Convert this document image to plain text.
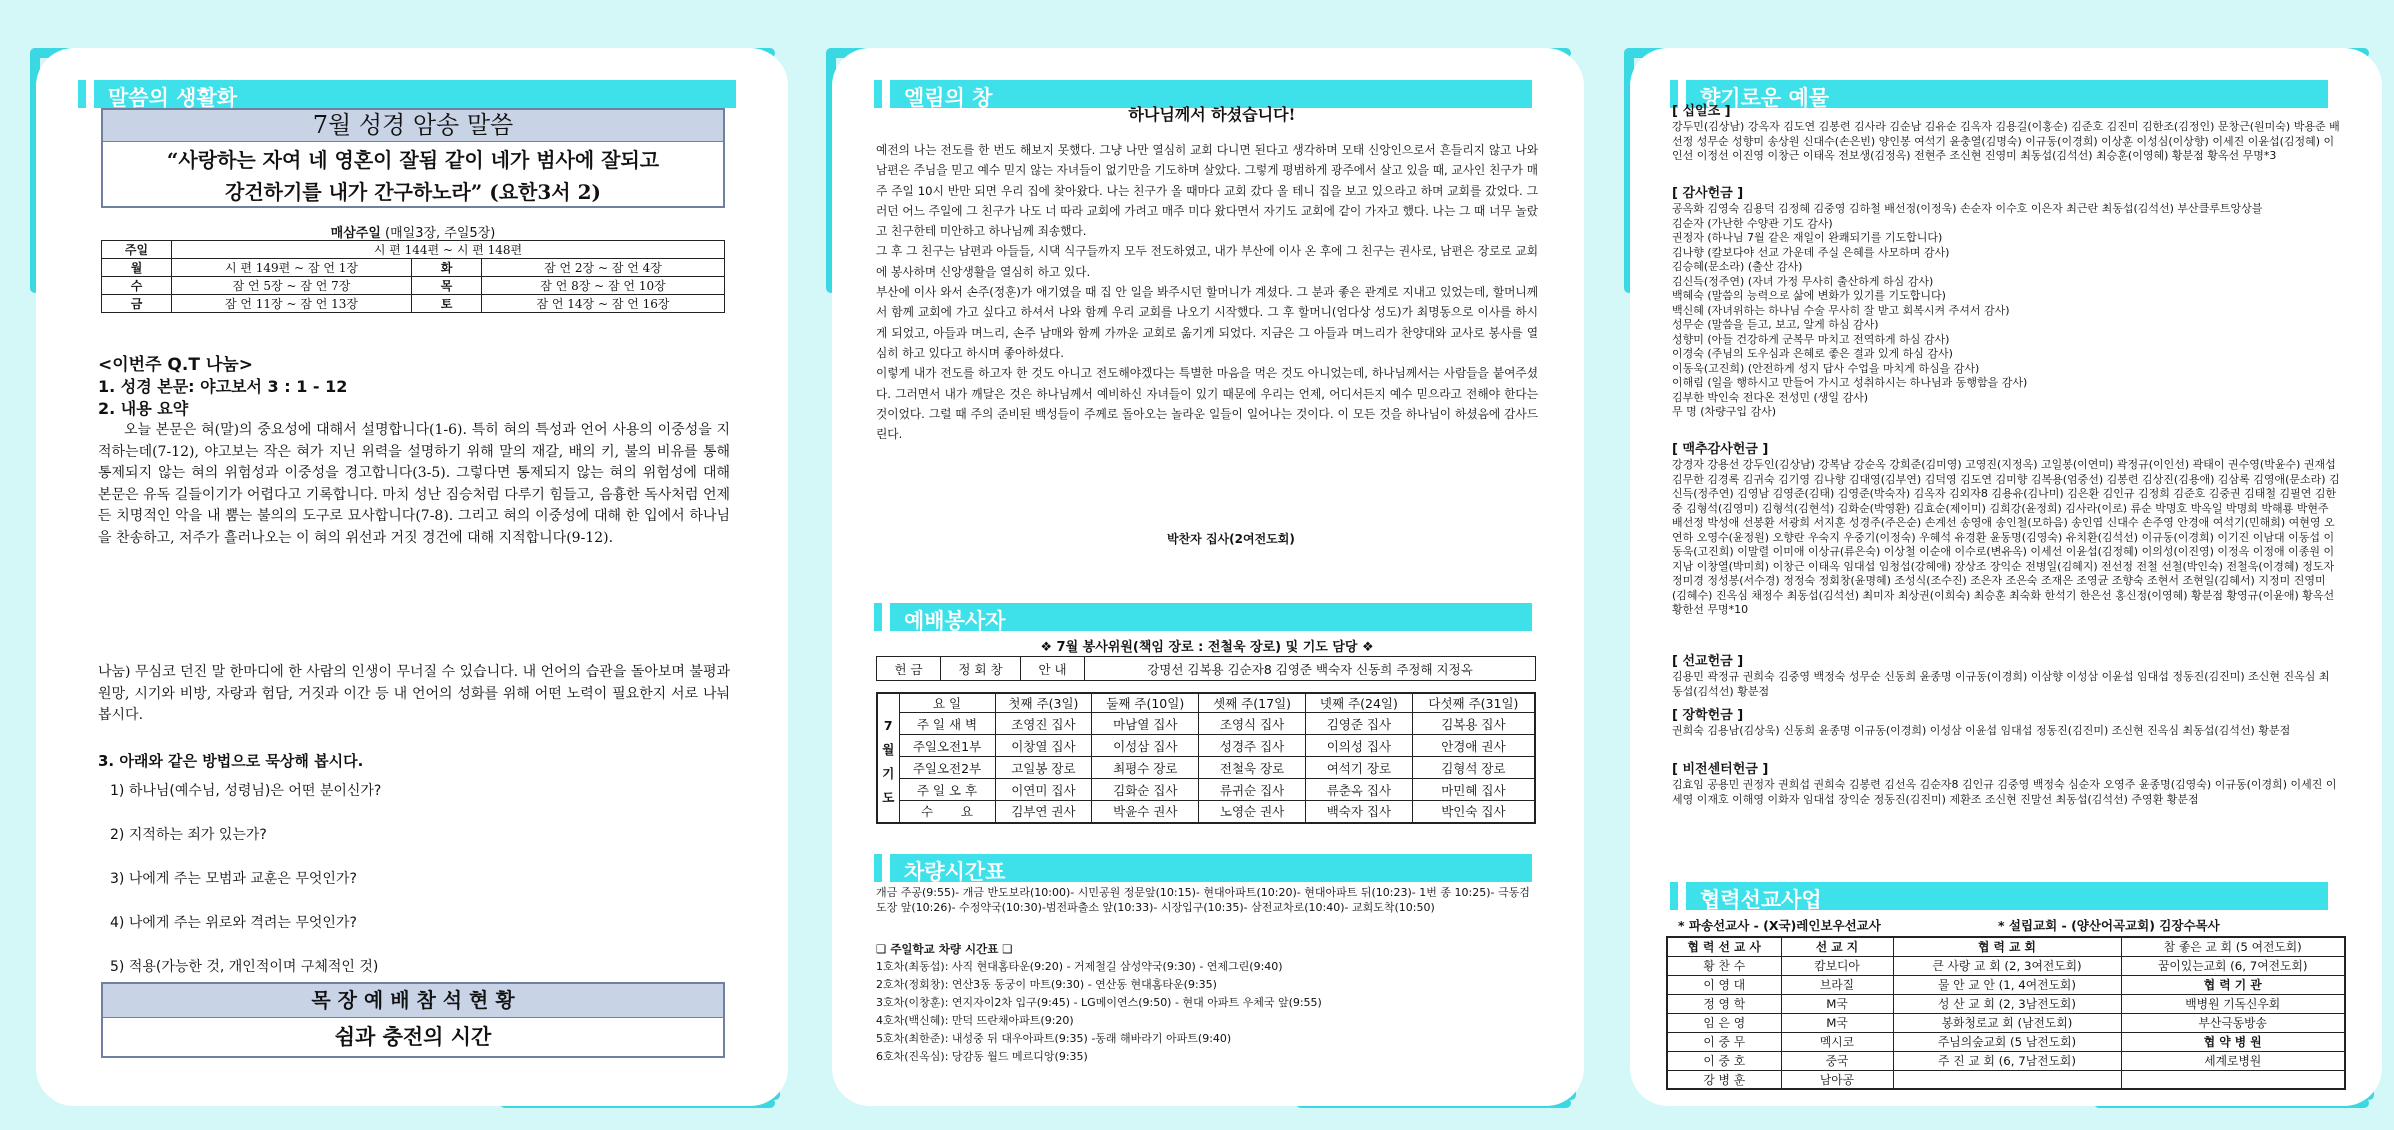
말씀의 생활화
7월 성경 암송 말씀
“사랑하는 자여 네 영혼이 잘됨 같이 네가 범사에 잘되고
강건하기를 내가 간구하노라” (요한3서 2)
매삼주일 (매일3장, 주일5장)
주일	시 편 144편 ~ 시 편 148편		
월	시 편 149편 ~ 잠 언 1장	화	잠 언 2장 ~ 잠 언 4장
수	잠 언 5장 ~ 잠 언 7장	목	잠 언 8장 ~ 잠 언 10장
금	잠 언 11장 ~ 잠 언 13장	토	잠 언 14장 ~ 잠 언 16장
<이번주 Q.T 나눔>
1. 성경 본문: 야고보서 3 : 1 - 12
2. 내용 요약
오늘 본문은 혀(말)의 중요성에 대해서 설명합니다(1-6). 특히 혀의 특성과 언어 사용의 이중성을 지적하는데(7-12), 야고보는 작은 혀가 지닌 위력을 설명하기 위해 말의 재갈, 배의 키, 불의 비유를 통해 통제되지 않는 혀의 위험성과 이중성을 경고합니다(3-5). 그렇다면 통제되지 않는 혀의 위험성에 대해 본문은 유독 길들이기가 어렵다고 기록합니다. 마치 성난 짐승처럼 다루기 힘들고, 음흉한 독사처럼 언제든 치명적인 악을 내 뿜는 불의의 도구로 묘사합니다(7-8). 그리고 혀의 이중성에 대해 한 입에서 하나님을 찬송하고, 저주가 흘러나오는 이 혀의 위선과 거짓 경건에 대해 지적합니다(9-12).
나눔) 무심코 던진 말 한마디에 한 사람의 인생이 무너질 수 있습니다. 내 언어의 습관을 돌아보며 불평과 원망, 시기와 비방, 자랑과 험담, 거짓과 이간 등 내 언어의 성화를 위해 어떤 노력이 필요한지 서로 나눠봅시다.
3. 아래와 같은 방법으로 묵상해 봅시다.
1) 하나님(예수님, 성령님)은 어떤 분이신가?
2) 지적하는 죄가 있는가?
3) 나에게 주는 모범과 교훈은 무엇인가?
4) 나에게 주는 위로와 격려는 무엇인가?
5) 적용(가능한 것, 개인적이며 구체적인 것)
목 장 예 배 참 석 현 황
쉼과 충전의 시간
엘림의 창
하나님께서 하셨습니다!
예전의 나는 전도를 한 번도 해보지 못했다. 그냥 나만 열심히 교회 다니면 된다고 생각하며 모태 신앙인으로서 흔들리지 않고 나와 남편은 주님을 믿고 예수 믿지 않는 자녀들이 없기만을 기도하며 살았다. 그렇게 평범하게 광주에서 살고 있을 때, 교사인 친구가 매주 주일 10시 반만 되면 우리 집에 찾아왔다. 나는 친구가 올 때마다 교회 갔다 올 테니 집을 보고 있으라고 하며 교회를 갔었다. 그러던 어느 주일에 그 친구가 나도 너 따라 교회에 가려고 매주 미다 왔다면서 자기도 교회에 같이 가자고 했다. 나는 그 때 너무 놀랐고 친구한테 미안하고 하나님께 죄송했다.
그 후 그 친구는 남편과 아들들, 시댁 식구들까지 모두 전도하였고, 내가 부산에 이사 온 후에 그 친구는 권사로, 남편은 장로로 교회에 봉사하며 신앙생활을 열심히 하고 있다.
부산에 이사 와서 손주(정훈)가 애기였을 때 집 안 일을 봐주시던 할머니가 계셨다. 그 분과 좋은 관계로 지내고 있었는데, 할머니께서 함께 교회에 가고 싶다고 하셔서 나와 함께 우리 교회를 나오기 시작했다. 그 후 할머니(엄다상 성도)가 최명동으로 이사를 하시게 되었고, 아들과 며느리, 손주 남매와 함께 가까운 교회로 옮기게 되었다. 지금은 그 아들과 며느리가 찬양대와 교사로 봉사를 열심히 하고 있다고 하시며 좋아하셨다.
이렇게 내가 전도를 하고자 한 것도 아니고 전도해야겠다는 특별한 마음을 먹은 것도 아니었는데, 하나님께서는 사람들을 붙여주셨다. 그러면서 내가 깨달은 것은 하나님께서 예비하신 자녀들이 있기 때문에 우리는 언제, 어디서든지 예수 믿으라고 전해야 한다는 것이었다. 그럴 때 주의 준비된 백성들이 주께로 돌아오는 놀라운 일들이 일어나는 것이다. 이 모든 것을 하나님이 하셨음에 감사드린다.
박찬자 집사(2여전도회)
예배봉사자
❖ 7월 봉사위원(책임 장로 : 전철욱 장로) 및 기도 담당 ❖
헌 금	정 회 창	안 내	강명선 김복용 김순자8 김영준 백숙자 신동희 주정해 지정옥
7
월
기
도	요 일	첫째 주(3일)	둘째 주(10일)	셋째 주(17일)	넷째 주(24일)	다섯째 주(31일)
	주 일 새 벽	조영진 집사	마남열 집사	조영식 집사	김영준 집사	김복용 집사
	주일오전1부	이창열 집사	이성삼 집사	성경주 집사	이의성 집사	안경애 권사
	주일오전2부	고일봉 장로	최평수 장로	전철욱 장로	여석기 장로	김형석 장로
	주 일 오 후	이연미 집사	김화순 집사	류귀순 집사	류춘옥 집사	마민혜 집사
	수       요	김부연 권사	박윤수 권사	노영순 권사	백숙자 집사	박인숙 집사
차량시간표
개금 주공(9:55)- 개금 반도보라(10:00)- 시민공원 정문앞(10:15)- 현대아파트(10:20)- 현대아파트 뒤(10:23)- 1번 종 10:25)- 극동검도장 앞(10:26)- 수정약국(10:30)-범전파출소 앞(10:33)- 시장입구(10:35)- 삼전교차로(10:40)- 교회도착(10:50)
❑ 주일학교 차량 시간표 ❑
1호차(최동섭): 사직 현대홈타운(9:20) - 거제철길 삼성약국(9:30) - 연제그린(9:40)
2호차(정회창): 연산3동 동궁이 마트(9:30) - 연산동 현대홈타운(9:35)
3호차(이창훈): 연지자이2차 입구(9:45) - LG메이연스(9:50) - 현대 아파트 우체국 앞(9:55)
4호차(백신혜): 만덕 뜨란채아파트(9:20)
5호차(최한준): 내성중 뒤 대우아파트(9:35) -동래 해바라기 아파트(9:40)
6호차(진옥심): 당감동 월드 메르디앙(9:35)
향기로운 예물
[ 십일조 ]
강두민(김상남) 강옥자 김도연 김봉련 김사라 김순남 김유순 김옥자 김용길(이홍순) 김준호 김진미 김한조(김정인) 문창근(원미숙) 박용준 배선정 성무순 성향미 송상원 신대수(손은빈) 양인봉 여석기 윤충열(김명숙) 이규동(이경희) 이상훈 이성심(이상향) 이세진 이윤섭(김정혜) 이인선 이정선 이진영 이창근 이태옥 전보생(김정옥) 전현주 조신현 진영미 최동섭(김석선) 최승훈(이영혜) 황분점 황옥선 무명*3
[ 감사헌금 ]
공옥화 김영숙 김용덕 김정혜 김중영 김하철 배선정(이정욱) 손순자 이수호 이은자 최근란 최동섭(김석선) 부산클루트앙상블
김순자 (가난한 수양관 기도 감사)
권정자 (하나님 7월 같은 재일이 완쾌되기를 기도합니다)
김나향 (칼보다야 선교 가운데 주실 은혜를 사모하며 감사)
김승혜(문소라) (출산 감사)
김신득(정주연) (자녀 가정 무사히 출산하게 하심 감사)
백혜숙 (말씀의 능력으로 삶에 변화가 있기를 기도합니다)
백신혜 (자녀위하는 하나님 수술 무사히 잘 받고 회복시켜 주셔서 감사)
성무순 (말씀을 듣고, 보고, 알게 하심 감사)
성향미 (아들 건강하게 군복무 마치고 전역하게 하심 감사)
이경숙 (주님의 도우심과 은혜로 좋은 결과 있게 하심 감사)
이동욱(고진희) (안전하게 성지 답사 수업을 마치게 하심을 감사)
이해림 (일을 행하시고 만들어 가시고 성취하시는 하나님과 동행함을 감사)
김부한 박인숙 전다온 전성민 (생일 감사)
무 명 (차량구입 감사)
[ 맥추감사헌금 ]
강경자 강용선 강두인(김상남) 강복남 강순옥 강희준(김미영) 고영진(지정옥) 고일봉(이연미) 곽정규(이인선) 곽태이 권수영(박윤수) 권재섭 김무한 김경록 김귀숙 김기영 김나향 김대영(김부연) 김덕영 김도연 김미향 김복용(엄중선) 김봉련 김상진(김용애) 김삼록 김영애(문소라) 김신득(정주연) 김영남 김영준(김태) 김영준(박숙자) 김옥자 김외자8 김용유(김나미) 김은환 김인규 김정희 김준호 김중권 김태철 김필연 김한중 김형석(김영미) 김형석(김현석) 김화순(박영환) 김효순(제이미) 김희강(윤정희) 김사라(이로) 류순 박명호 박옥일 박명희 박해룡 박현주 배선정 박성애 선봉환 서광희 서지훈 성경주(주은순) 손계선 송영애 송인철(모하음) 송인엽 신대수 손주영 안경애 여석기(민해희) 여현영 오연하 오영수(윤정원) 오향란 우숙지 우중기(이정숙) 우혜석 유경환 윤동명(김영숙) 유치환(김석선) 이규동(이경희) 이기진 이남대 이동섭 이동욱(고진희) 이말렬 이미애 이상규(류은숙) 이상철 이순애 이수로(변유옥) 이세선 이윤섭(김정혜) 이의성(이진영) 이정옥 이정애 이종원 이지남 이창열(박미희) 이창근 이태옥 임대섭 임청섭(강혜애) 장상조 장익순 전병일(김혜지) 전선정 전철 선철(박인숙) 전철욱(이경혜) 정도자 정미경 정성봉(서수경) 정정숙 정회창(윤명혜) 조성식(조수진) 조은자 조은숙 조재은 조영균 조향숙 조현서 조현일(김혜서) 지정미 진영미(김혜수) 진옥심 채정수 최동섭(김석선) 최미자 최상권(이희숙) 최승훈 최숙화 한석기 한은선 홍신정(이영혜) 황분점 황영규(이윤애) 황옥선 황한선 무명*10
[ 선교헌금 ]
김용민 곽정규 권희숙 김중영 백정숙 성무순 신동희 윤종명 이규동(이경희) 이삼향 이성삼 이윤섭 임대섭 정동진(김진미) 조신현 진옥심 최동섭(김석선) 황분점
[ 장학헌금 ]
권희숙 김용남(김상욱) 신동희 윤종명 이규동(이경희) 이성삼 이윤섭 임대섭 정동진(김진미) 조신현 진옥심 최동섭(김석선) 황분점
[ 비전센터헌금 ]
김효임 공용민 권정자 권희섭 권희숙 김봉련 김선옥 김순자8 김인규 김중영 백정숙 심순자 오영주 윤종명(김영숙) 이규동(이경희) 이세진 이세영 이재호 이해영 이화자 임대섭 장익순 정동진(김진미) 제환조 조신현 진말선 최동섭(김석선) 주영환 황분점
협력선교사업
* 파송선교사 - (X국)레인보우선교사	* 설립교회 - (양산어곡교회) 김장수목사
협 력 선 교 사	선 교 지	협 력 교 회	참 좋은 교 회 (5 여전도회)
황 찬 수	캄보디아	큰 사랑 교 회 (2, 3여전도회)	꿈이있는교회 (6, 7여전도회)
이 영 대	브라질	물 안 교 안 (1, 4여전도회)	협 력 기 관
정 영 학	M국	성 산 교 회 (2, 3남전도회)	백병원 기독신우회
임 은 영	M국	봉화청로교 회 (남전도회)	부산극동방송
이 중 무	멕시코	주님의숲교회 (5 남전도회)	협 약 병 원
이 중 호	중국	주 진 교 회 (6, 7남전도회)	세계로병원
강 병 훈	남아공		
